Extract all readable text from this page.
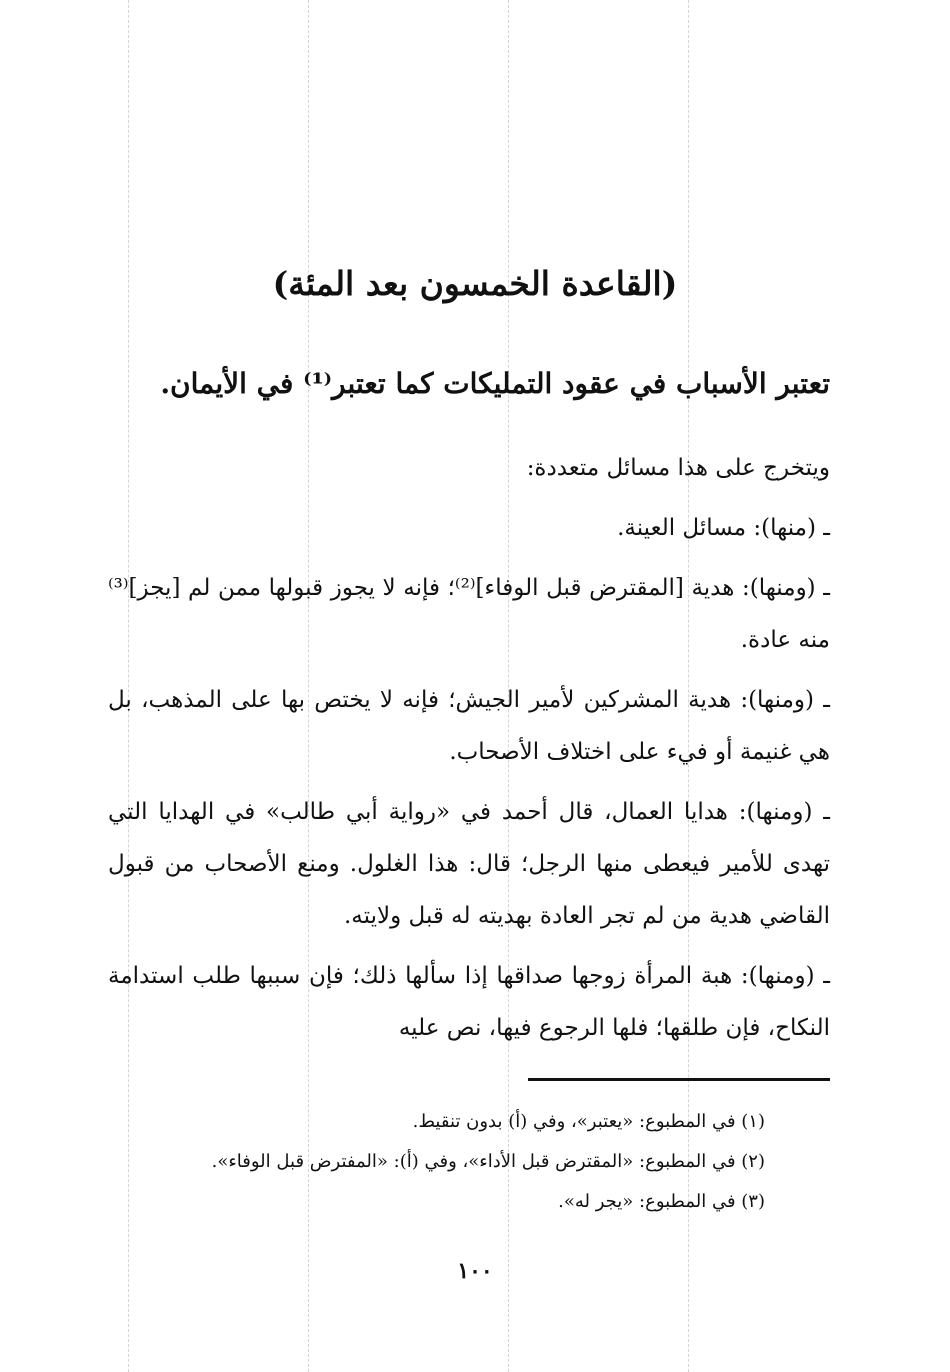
(القاعدة الخمسون بعد المئة)
تعتبر الأسباب في عقود التمليكات كما تعتبر⁽¹⁾ في الأيمان.

ويتخرج على هذا مسائل متعددة:

ـ (منها): مسائل العينة.

ـ (ومنها): هدية [المقترض قبل الوفاء]⁽²⁾؛ فإنه لا يجوز قبولها ممن لم [يجز]⁽³⁾ منه عادة.

ـ (ومنها): هدية المشركين لأمير الجيش؛ فإنه لا يختص بها على المذهب، بل هي غنيمة أو فيء على اختلاف الأصحاب.

ـ (ومنها): هدايا العمال، قال أحمد في «رواية أبي طالب» في الهدايا التي تهدى للأمير فيعطى منها الرجل؛ قال: هذا الغلول. ومنع الأصحاب من قبول القاضي هدية من لم تجر العادة بهديته له قبل ولايته.

ـ (ومنها): هبة المرأة زوجها صداقها إذا سألها ذلك؛ فإن سببها طلب استدامة النكاح، فإن طلقها؛ فلها الرجوع فيها، نص عليه

(١) في المطبوع: «يعتبر»، وفي (أ) بدون تنقيط.

(٢) في المطبوع: «المقترض قبل الأداء»، وفي (أ): «المفترض قبل الوفاء».

(٣) في المطبوع: «يجر له».

١٠٠
